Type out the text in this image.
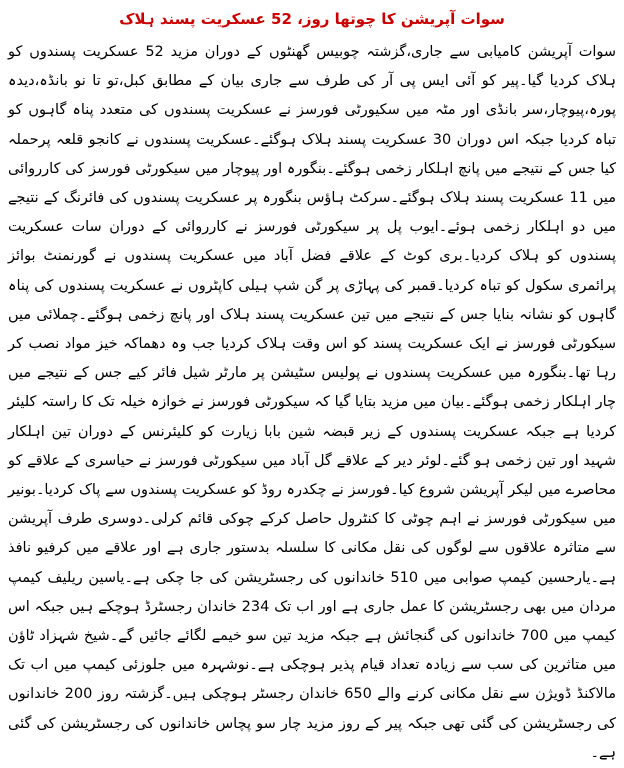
سوات آپریشن کا چوتھا روز، 52 عسکریت پسند ہلاک

سوات آپریشن کامیابی سے جاری،گزشتہ چوبیس گھنٹوں کے دوران مزید 52 عسکریت پسندوں کو ہلاک کردیا گیا۔پیر کو آئی ایس پی آر کی طرف سے جاری بیان کے مطابق کبل،تو تا نو بانڈہ،دیدہ پورہ،پیوچار،سر بانڈی اور مٹہ میں سکیورٹی فورسز نے عسکریت پسندوں کی متعدد پناہ گاہوں کو تباہ کردیا جبکہ اس دوران 30 عسکریت پسند ہلاک ہوگئے۔عسکریت پسندوں نے کانجو قلعہ پرحملہ کیا جس کے نتیجے میں پانچ اہلکار زخمی ہوگئے۔بنگورہ اور پیوچار میں سیکورٹی فورسز کی کارروائی میں 11 عسکریت پسند ہلاک ہوگئے۔سرکٹ ہاؤس بنگورہ پر عسکریت پسندوں کی فائرنگ کے نتیجے میں دو اہلکار زخمی ہوئے۔ایوب پل پر سیکورٹی فورسز نے کارروائی کے دوران سات عسکریت پسندوں کو ہلاک کردیا۔بری کوٹ کے علاقے فضل آباد میں عسکریت پسندوں نے گورنمنٹ بوائز پرائمری سکول کو تباہ کردیا۔قمبر کی پہاڑی پر گن شپ ہیلی کاپٹروں نے عسکریت پسندوں کی پناہ گاہوں کو نشانہ بنایا جس کے نتیجے میں تین عسکریت پسند ہلاک اور پانچ زخمی ہوگئے۔چملائی میں سیکورٹی فورسز نے ایک عسکریت پسند کو اس وقت ہلاک کردیا جب وہ دھماکہ خیز مواد نصب کر رہا تھا۔بنگورہ میں عسکریت پسندوں نے پولیس سٹیشن پر مارٹر شیل فائر کیے جس کے نتیجے میں چار اہلکار زخمی ہوگئے۔بیان میں مزید بتایا گیا کہ سیکورٹی فورسز نے خوازہ خیلہ تک کا راستہ کلیئر کردیا ہے جبکہ عسکریت پسندوں کے زیر قبضہ شین بابا زیارت کو کلیئرنس کے دوران تین اہلکار شہید اور تین زخمی ہو گئے۔لوئر دیر کے علاقے گل آباد میں سیکورٹی فورسز نے حیاسری کے علاقے کو محاصرے میں لیکر آپریشن شروع کیا۔فورسز نے چکدرہ روڈ کو عسکریت پسندوں سے پاک کردیا۔بونیر میں سیکورٹی فورسز نے اہم چوٹی کا کنٹرول حاصل کرکے چوکی قائم کرلی۔دوسری طرف آپریشن سے متاثرہ علاقوں سے لوگوں کی نقل مکانی کا سلسلہ بدستور جاری ہے اور علاقے میں کرفیو نافذ ہے۔یارحسین کیمپ صوابی میں 510 خاندانوں کی رجسٹریشن کی جا چکی ہے۔یاسین ریلیف کیمپ مردان میں بھی رجسٹریشن کا عمل جاری ہے اور اب تک 234 خاندان رجسٹرڈ ہوچکے ہیں جبکہ اس کیمپ میں 700 خاندانوں کی گنجائش ہے جبکہ مزید تین سو خیمے لگائے جائیں گے۔شیخ شہزاد ٹاؤن میں متاثرین کی سب سے زیادہ تعداد قیام پذیر ہوچکی ہے۔نوشہرہ میں جلوزئی کیمپ میں اب تک مالاکنڈ ڈویژن سے نقل مکانی کرنے والے 650 خاندان رجسٹر ہوچکی ہیں۔گزشتہ روز 200 خاندانوں کی رجسٹریشن کی گئی تھی جبکہ پیر کے روز مزید چار سو پچاس خاندانوں کی رجسٹریشن کی گئی ہے۔
